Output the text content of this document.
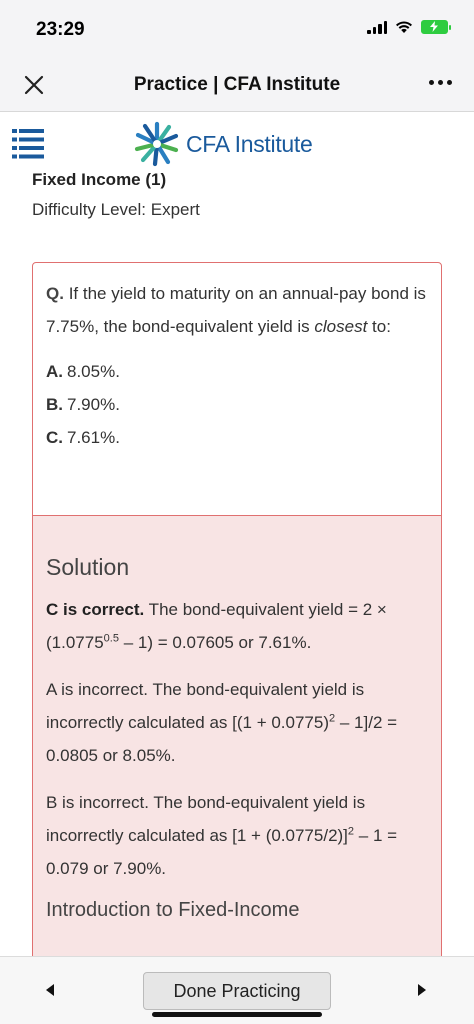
23:29
Practice | CFA Institute
CFA Institute
Fixed Income (1)
Difficulty Level: Expert
Q. If the yield to maturity on an annual-pay bond is 7.75%, the bond-equivalent yield is closest to:
A. 8.05%.
B. 7.90%.
C. 7.61%.
Solution
C is correct. The bond-equivalent yield = $2 \times (1.0775^{0.5} - 1) = 0.07605$ or 7.61%.
A is incorrect. The bond-equivalent yield is incorrectly calculated as $[(1 + 0.0775)^2 - 1]/2 = 0.0805$ or 8.05%.
B is incorrect. The bond-equivalent yield is incorrectly calculated as $[1 + (0.0775/2)]^2 - 1 = 0.079$ or 7.90%.
Introduction to Fixed-Income
Done Practicing
